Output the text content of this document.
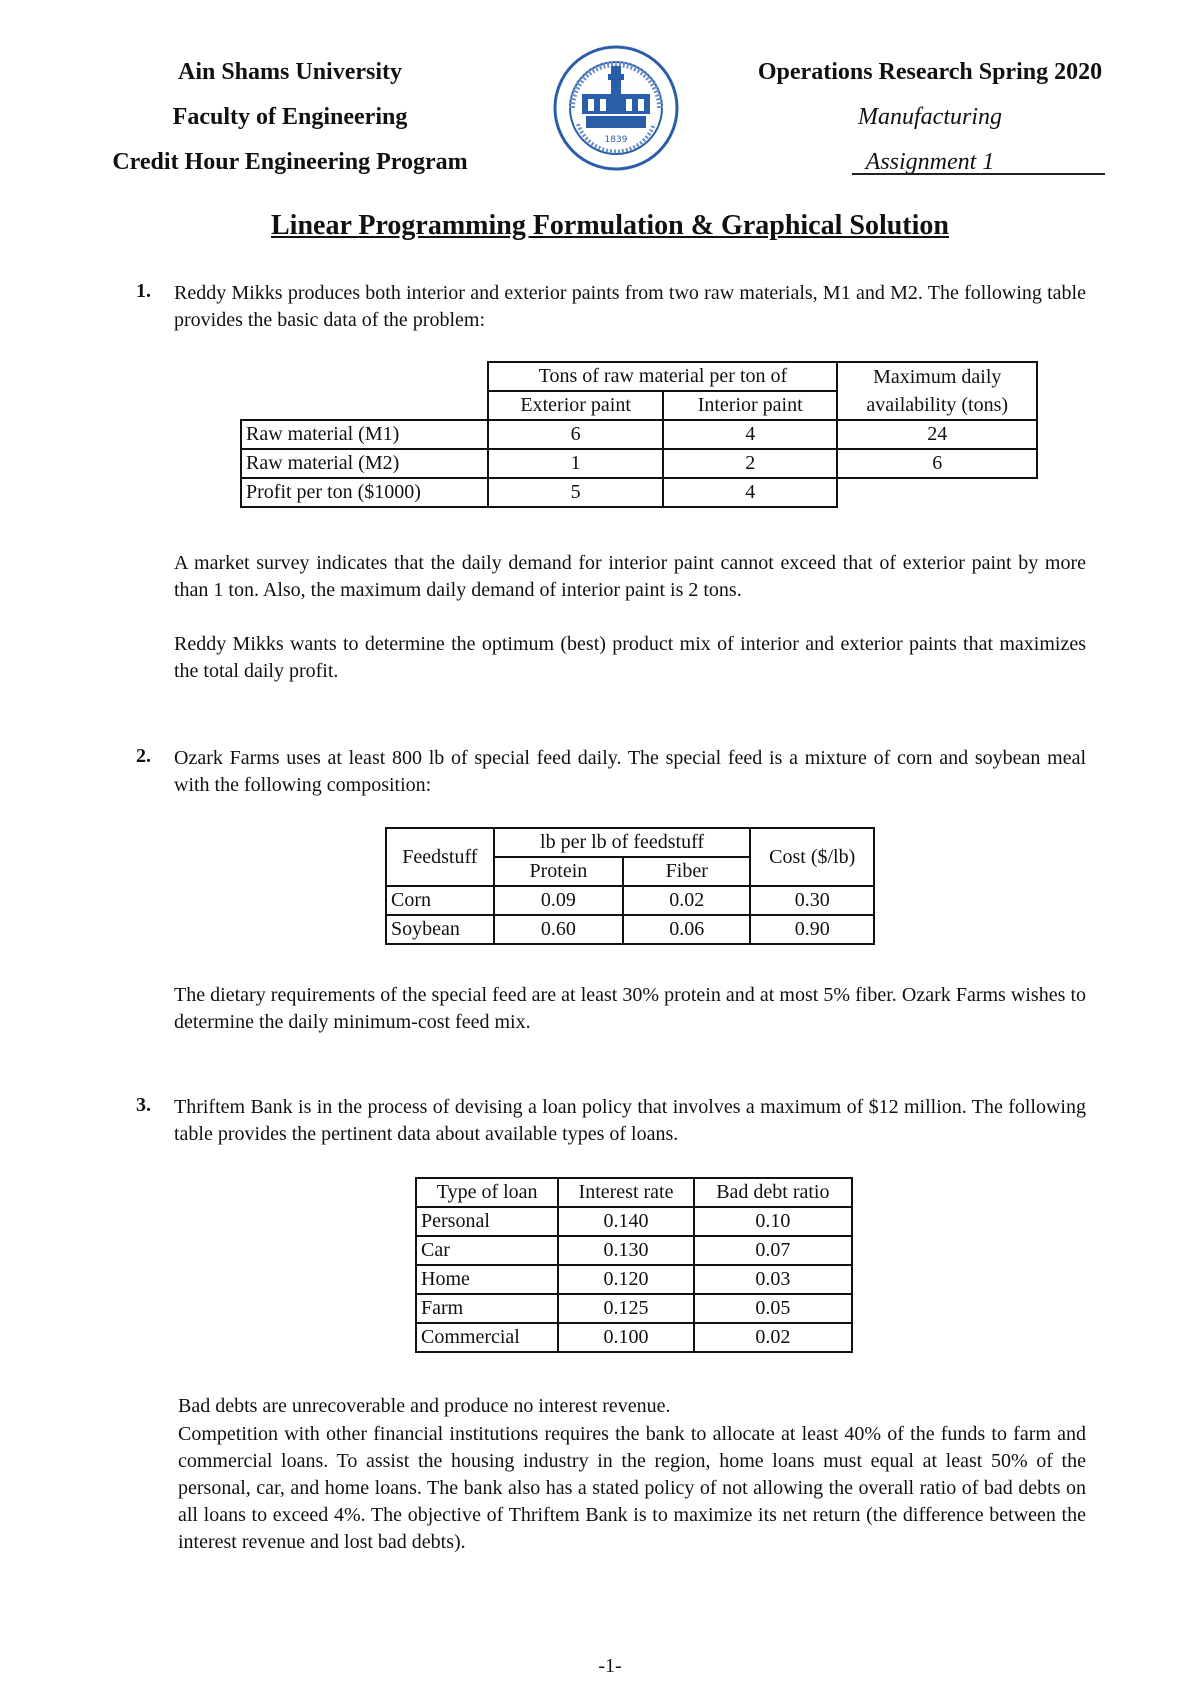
Ain Shams University
Faculty of Engineering
Credit Hour Engineering Program
1839
Operations Research Spring 2020
Manufacturing
Assignment 1
Linear Programming Formulation & Graphical Solution
1. Reddy Mikks produces both interior and exterior paints from two raw materials, M1 and M2. The following table provides the basic data of the problem:
	Tons of raw material per ton of		Maximum daily
availability (tons)
	Exterior paint	Interior paint	
Raw material (M1)	6	4	24
Raw material (M2)	1	2	6
Profit per ton ($1000)	5	4	
A market survey indicates that the daily demand for interior paint cannot exceed that of exterior paint by more than 1 ton. Also, the maximum daily demand of interior paint is 2 tons.
Reddy Mikks wants to determine the optimum (best) product mix of interior and exterior paints that maximizes the total daily profit.
2. Ozark Farms uses at least 800 lb of special feed daily. The special feed is a mixture of corn and soybean meal with the following composition:
Feedstuff	lb per lb of feedstuff		Cost ($/lb)
	Protein	Fiber	
Corn	0.09	0.02	0.30
Soybean	0.60	0.06	0.90
The dietary requirements of the special feed are at least 30% protein and at most 5% fiber. Ozark Farms wishes to determine the daily minimum-cost feed mix.
3. Thriftem Bank is in the process of devising a loan policy that involves a maximum of $12 million. The following table provides the pertinent data about available types of loans.
Type of loan	Interest rate	Bad debt ratio
Personal	0.140	0.10
Car	0.130	0.07
Home	0.120	0.03
Farm	0.125	0.05
Commercial	0.100	0.02
Bad debts are unrecoverable and produce no interest revenue.
Competition with other financial institutions requires the bank to allocate at least 40% of the funds to farm and commercial loans. To assist the housing industry in the region, home loans must equal at least 50% of the personal, car, and home loans. The bank also has a stated policy of not allowing the overall ratio of bad debts on all loans to exceed 4%. The objective of Thriftem Bank is to maximize its net return (the difference between the interest revenue and lost bad debts).
-1-
